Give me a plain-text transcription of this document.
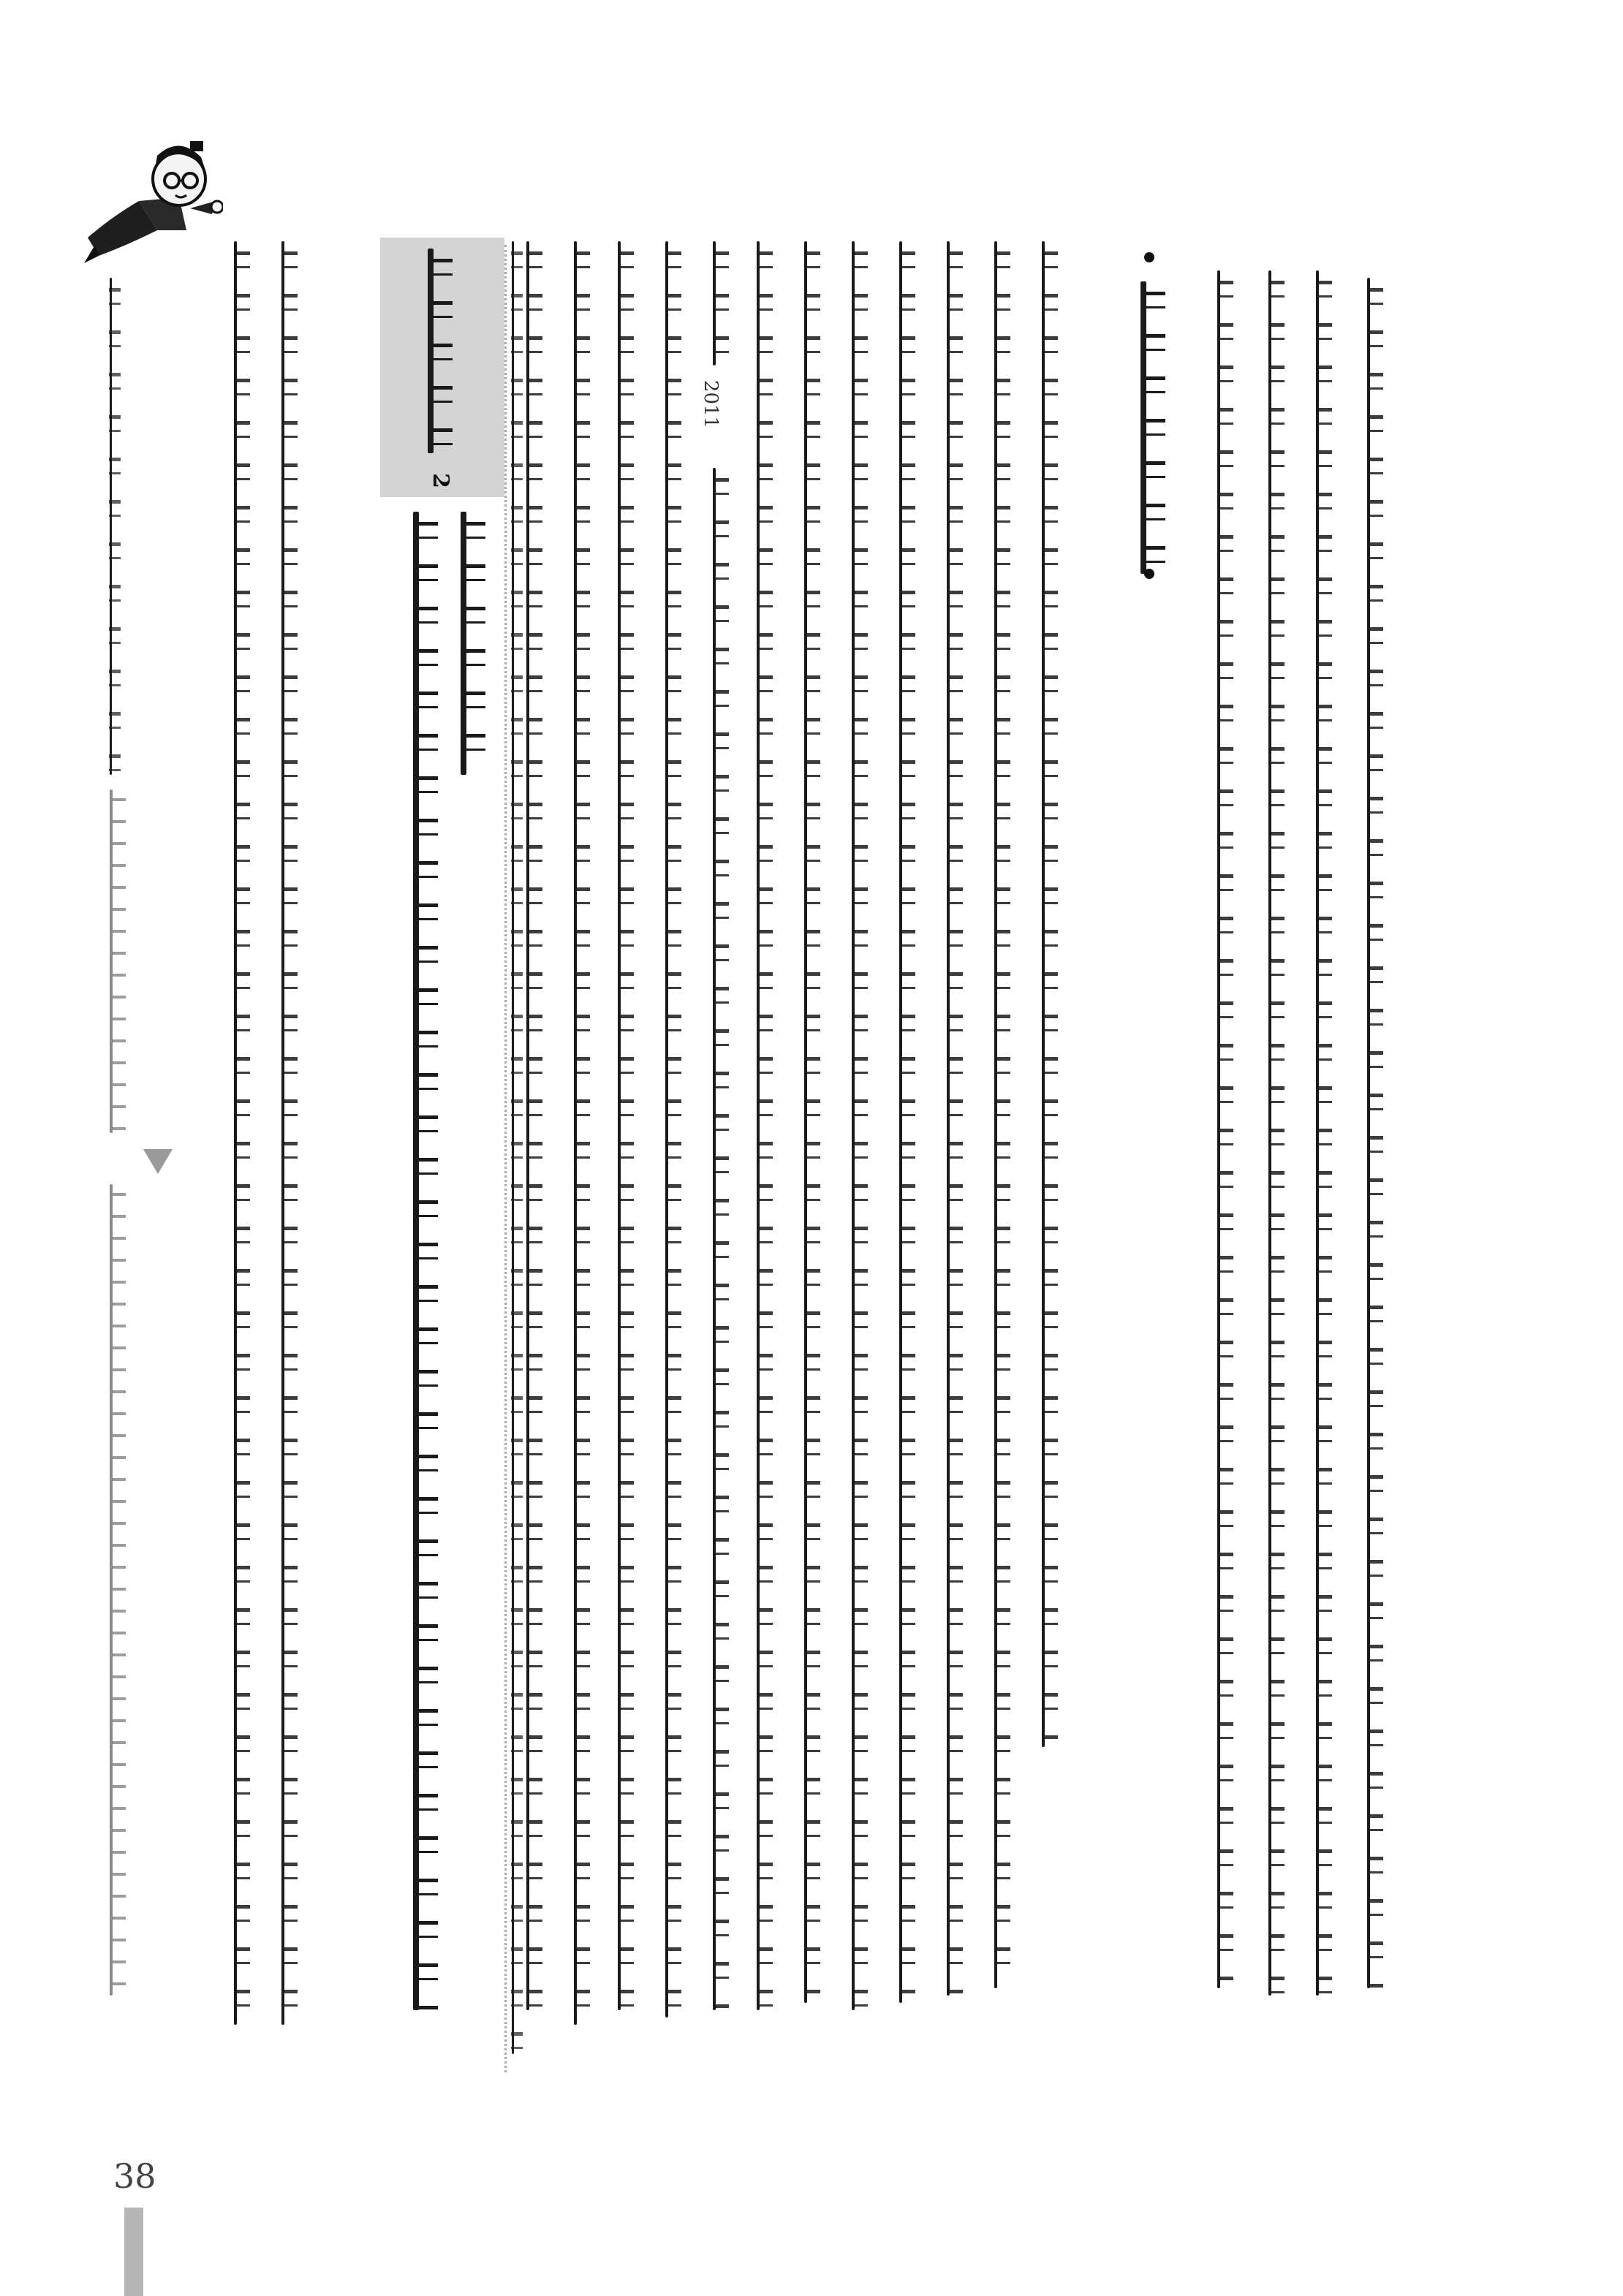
2011
2
38
